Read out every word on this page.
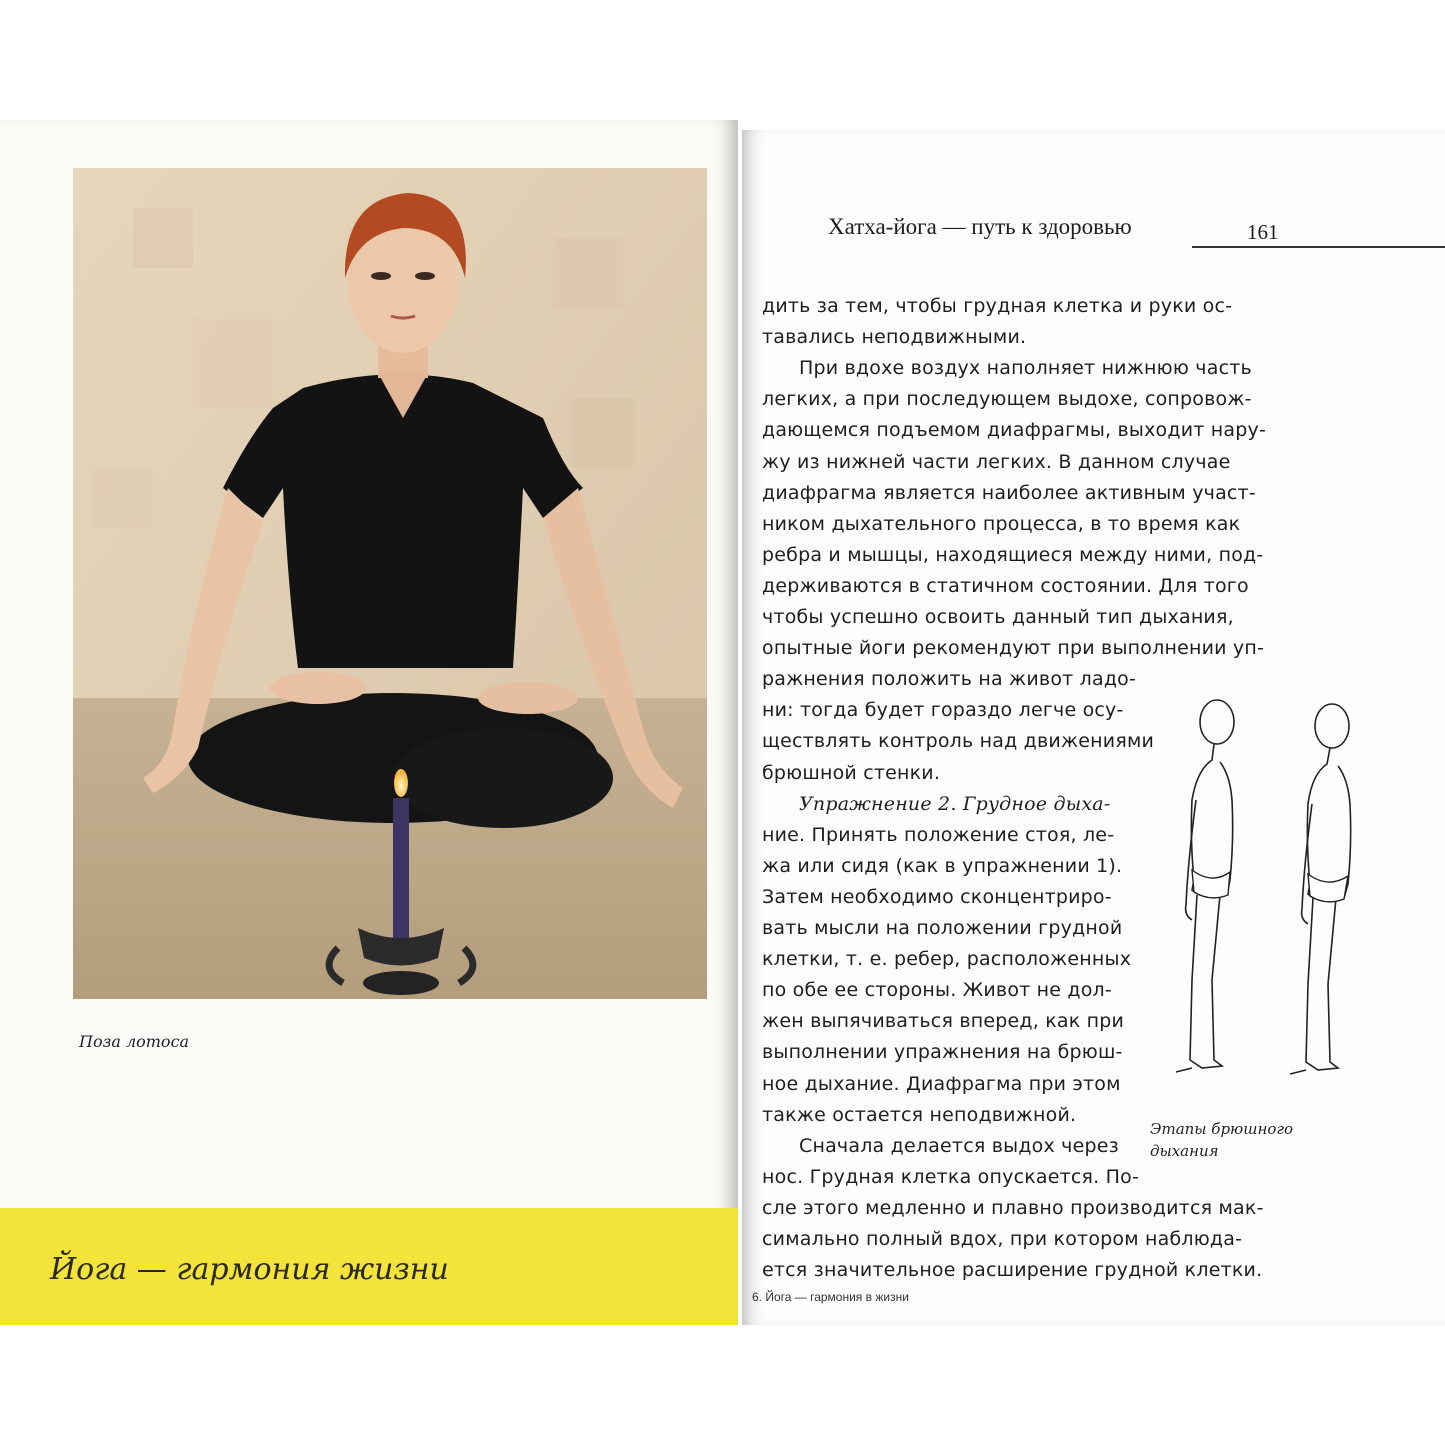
Поза лотоса
Йога — гармония жизни
Хатха-йога — путь к здоровью	161
дить за тем, чтобы грудная клетка и руки ос-
тавались неподвижными.
При вдохе воздух наполняет нижнюю часть
легких, а при последующем выдохе, сопровож-
дающемся подъемом диафрагмы, выходит нару-
жу из нижней части легких. В данном случае
диафрагма является наиболее активным участ-
ником дыхательного процесса, в то время как
ребра и мышцы, находящиеся между ними, под-
держиваются в статичном состоянии. Для того
чтобы успешно освоить данный тип дыхания,
опытные йоги рекомендуют при выполнении уп-
ражнения положить на живот ладо-
ни: тогда будет гораздо легче осу-
ществлять контроль над движениями
брюшной стенки.
Упражнение 2. Грудное дыха-
ние. Принять положение стоя, ле-
жа или сидя (как в упражнении 1).
Затем необходимо сконцентриро-
вать мысли на положении грудной
клетки, т. е. ребер, расположенных
по обе ее стороны. Живот не дол-
жен выпячиваться вперед, как при
выполнении упражнения на брюш-
ное дыхание. Диафрагма при этом
также остается неподвижной.
Сначала делается выдох через
нос. Грудная клетка опускается. По-
сле этого медленно и плавно производится мак-
симально полный вдох, при котором наблюда-
ется значительное расширение грудной клетки.
Этапы брюшного дыхания
6. Йога — гармония в жизни
